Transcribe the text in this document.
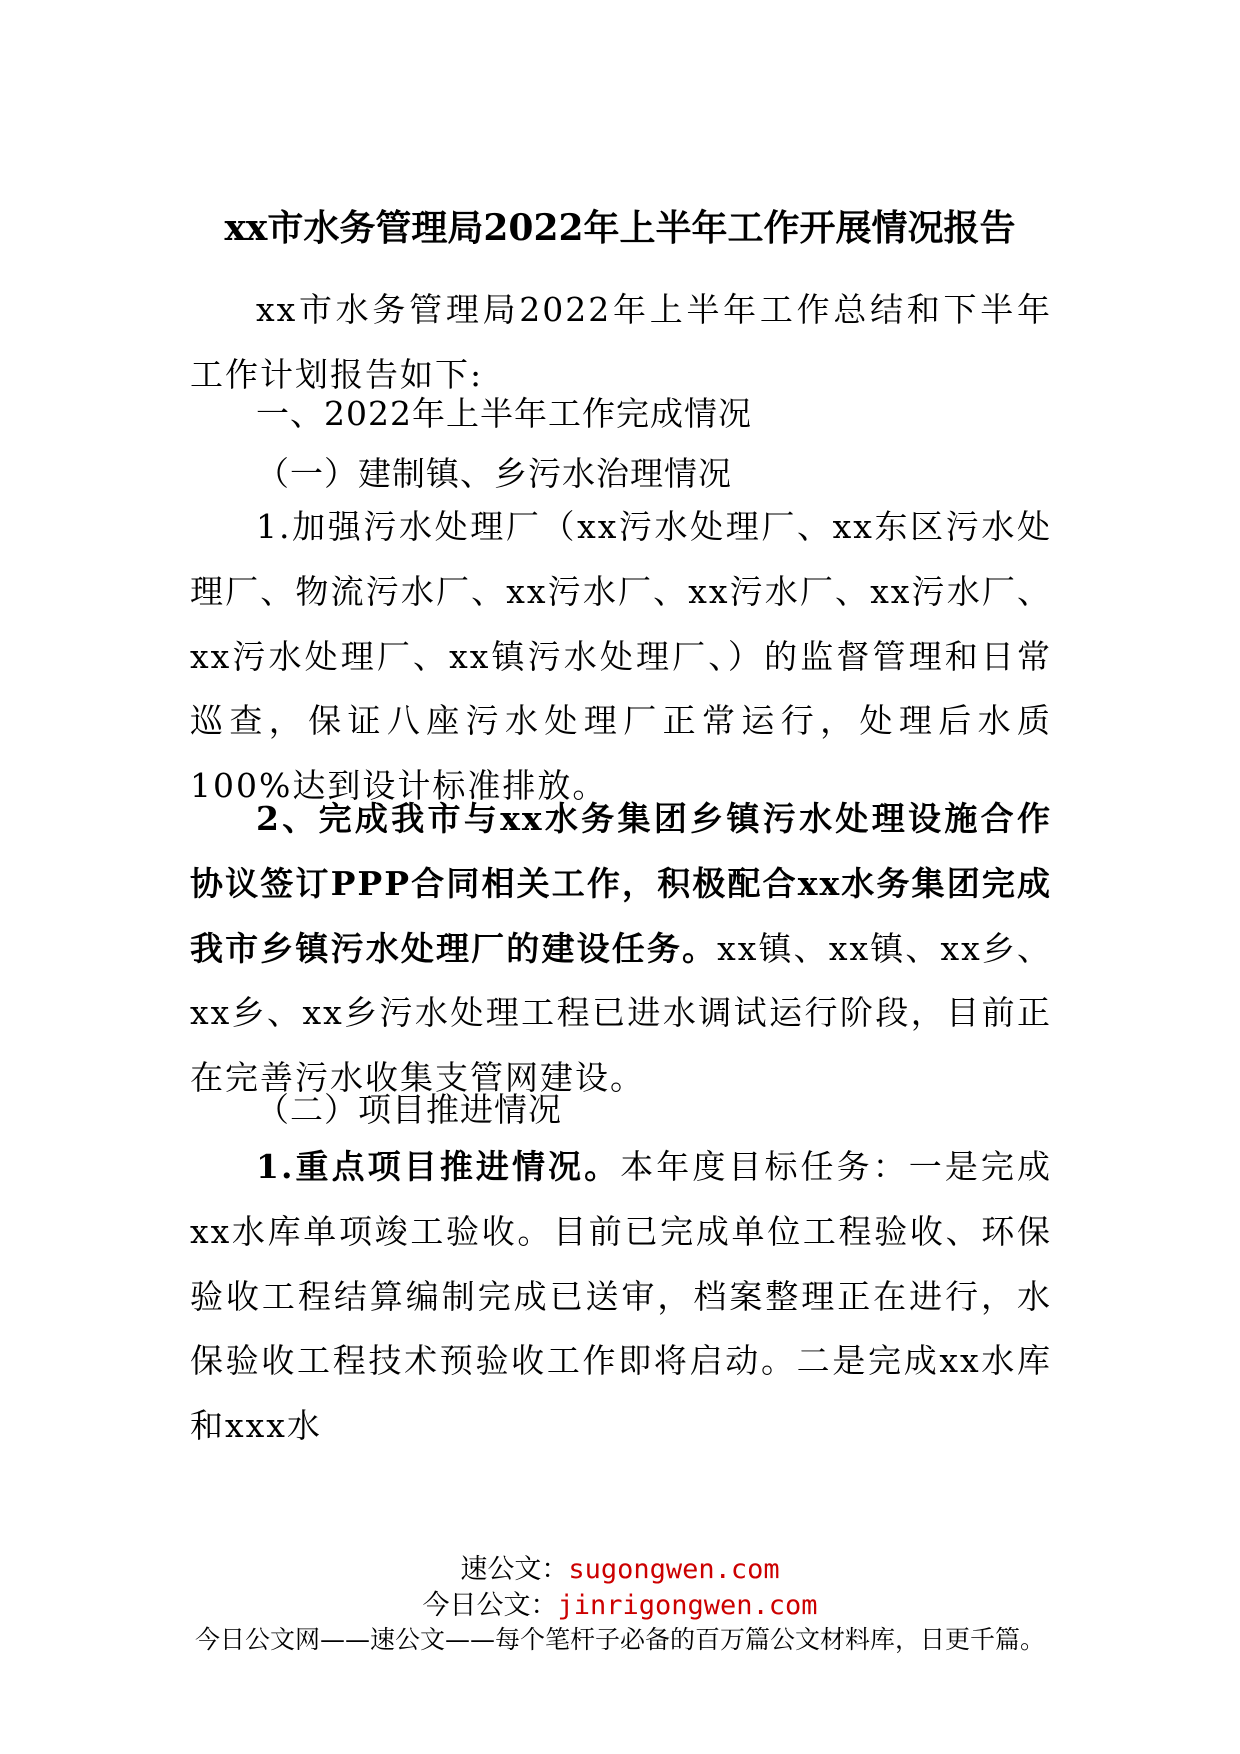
xx市水务管理局2022年上半年工作开展情况报告
xx市水务管理局2022年上半年工作总结和下半年工作计划报告如下:
一、2022年上半年工作完成情况
（一）建制镇、乡污水治理情况
1.加强污水处理厂（xx污水处理厂、xx东区污水处理厂、物流污水厂、xx污水厂、xx污水厂、xx污水厂、xx污水处理厂、xx镇污水处理厂、）的监督管理和日常巡查，保证八座污水处理厂正常运行，处理后水质100%达到设计标准排放。
2、完成我市与xx水务集团乡镇污水处理设施合作协议签订PPP合同相关工作，积极配合xx水务集团完成我市乡镇污水处理厂的建设任务。xx镇、xx镇、xx乡、xx乡、xx乡污水处理工程已进水调试运行阶段，目前正在完善污水收集支管网建设。
（二）项目推进情况
1.重点项目推进情况。本年度目标任务：一是完成xx水库单项竣工验收。目前已完成单位工程验收、环保验收工程结算编制完成已送审，档案整理正在进行，水保验收工程技术预验收工作即将启动。二是完成xx水库和xxx水
速公文：sugongwen.com
今日公文：jinrigongwen.com
今日公文网——速公文——每个笔杆子必备的百万篇公文材料库，日更千篇。
